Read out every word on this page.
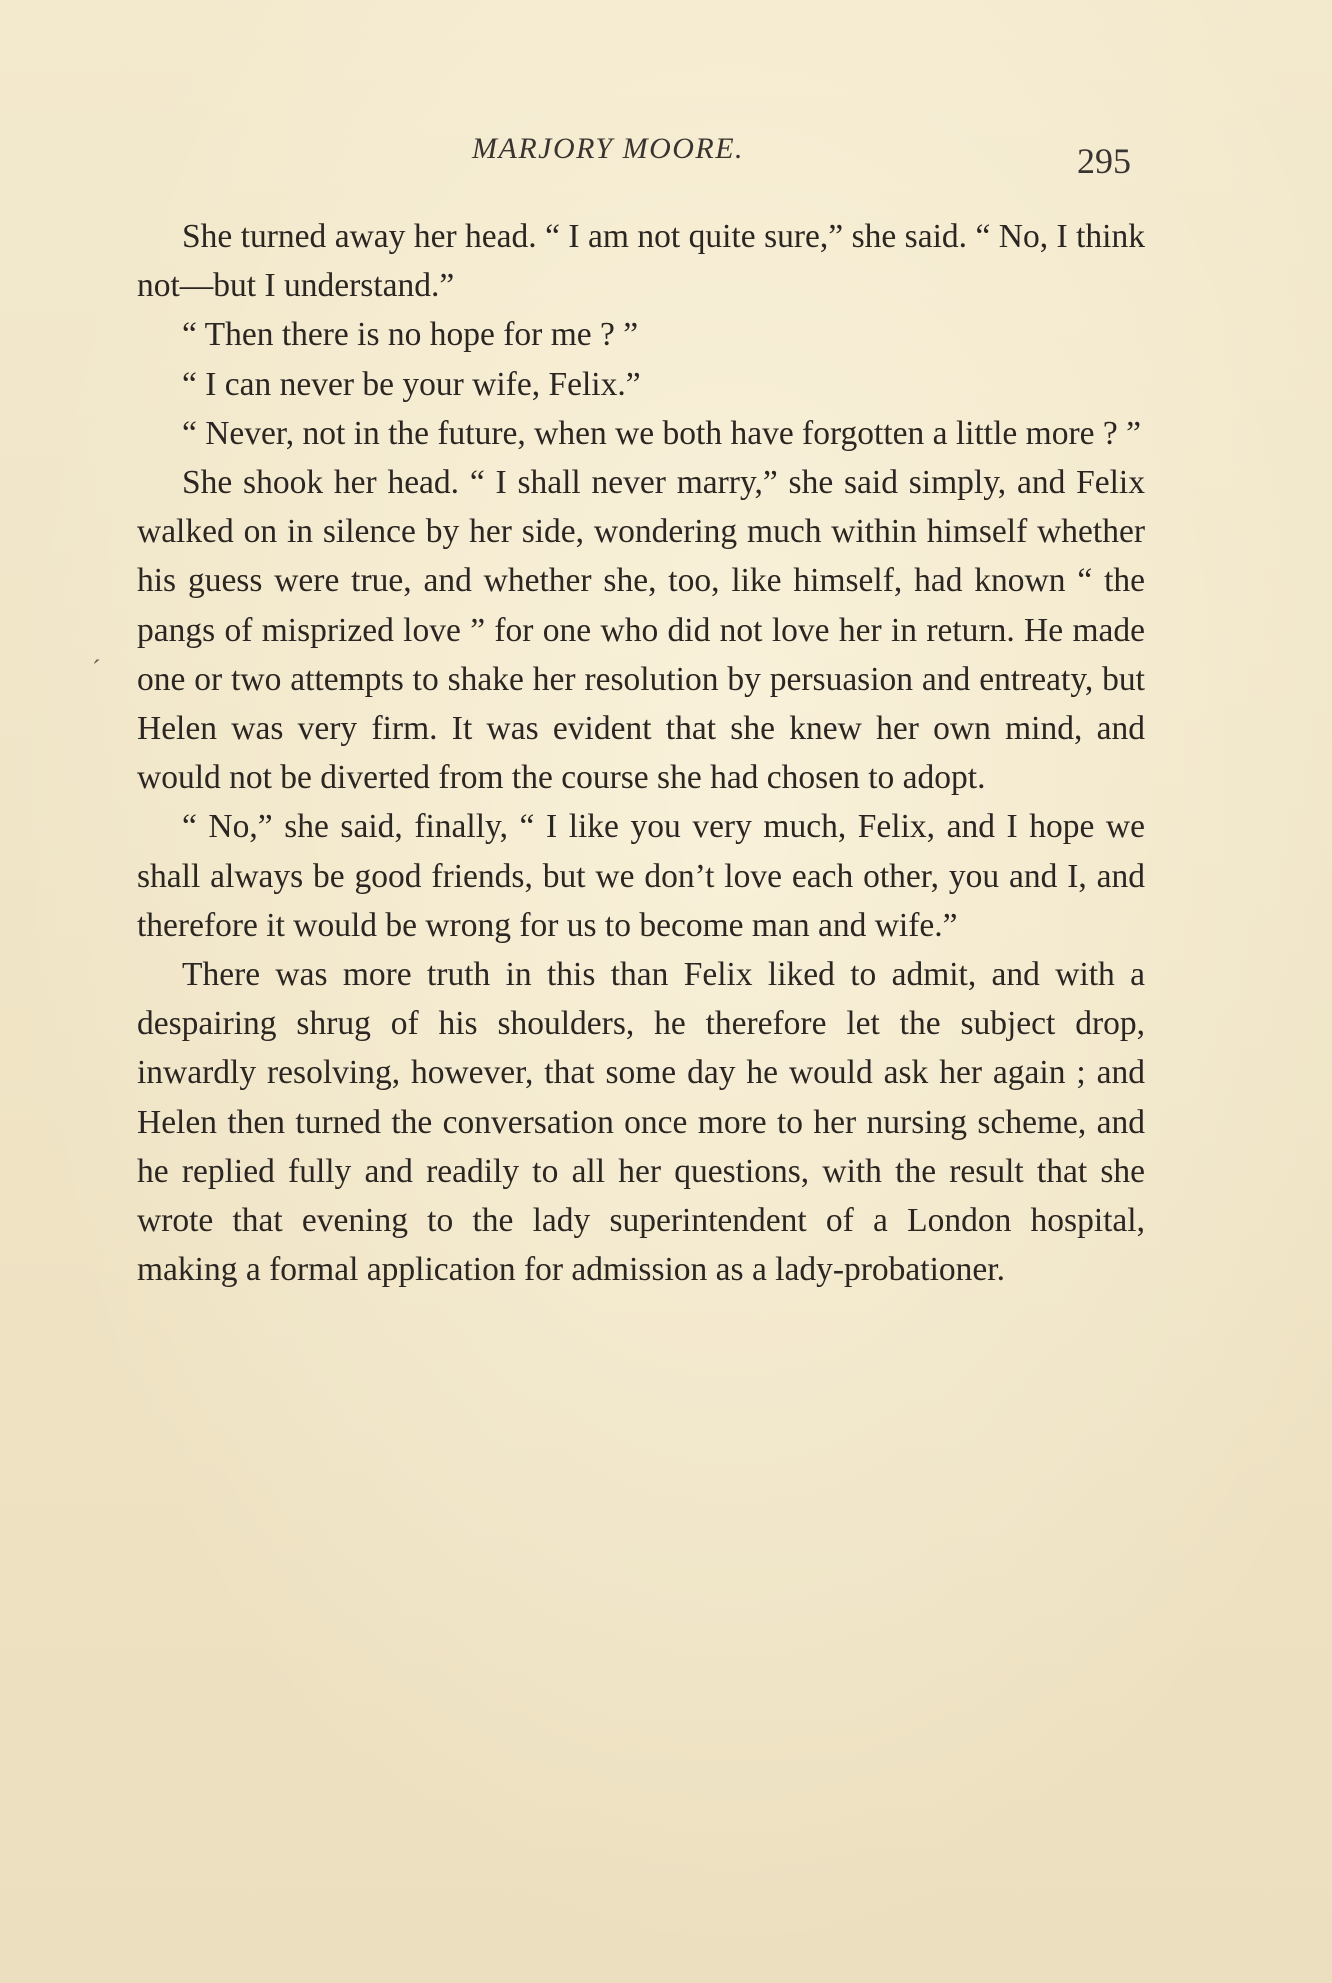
MARJORY MOORE.	295
ˊ

She turned away her head. “ I am not quite sure,” she said. “ No, I think not—but I understand.”

“ Then there is no hope for me ? ”

“ I can never be your wife, Felix.”

“ Never, not in the future, when we both have forgotten a little more ? ”

She shook her head. “ I shall never marry,” she said simply, and Felix walked on in silence by her side, wondering much within himself whether his guess were true, and whether she, too, like himself, had known “ the pangs of misprized love ” for one who did not love her in return. He made one or two attempts to shake her resolution by persuasion and entreaty, but Helen was very firm. It was evident that she knew her own mind, and would not be diverted from the course she had chosen to adopt.

“ No,” she said, finally, “ I like you very much, Felix, and I hope we shall always be good friends, but we don’t love each other, you and I, and therefore it would be wrong for us to become man and wife.”

There was more truth in this than Felix liked to admit, and with a despairing shrug of his shoulders, he therefore let the subject drop, inwardly resolving, however, that some day he would ask her again ; and Helen then turned the conversation once more to her nursing scheme, and he replied fully and readily to all her questions, with the result that she wrote that evening to the lady superintendent of a London hospital, making a formal application for admission as a lady-probationer.
